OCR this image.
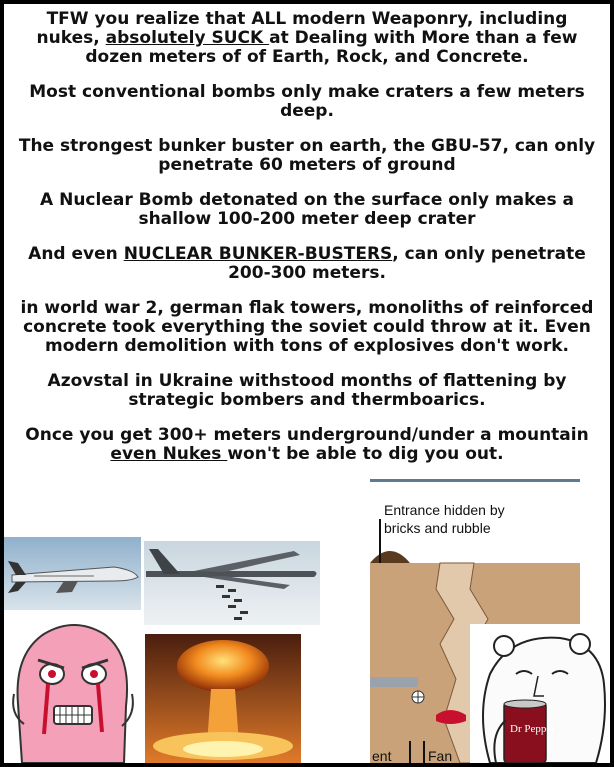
TFW you realize that ALL modern Weaponry, including nukes, absolutely SUCK at Dealing with More than a few dozen meters of of Earth, Rock, and Concrete.
Most conventional bombs only make craters a few meters deep.
The strongest bunker buster on earth, the GBU-57, can only penetrate 60 meters of ground
A Nuclear Bomb detonated on the surface only makes a shallow 100-200 meter deep crater
And even NUCLEAR BUNKER-BUSTERS, can only penetrate 200-300 meters.
in world war 2, german flak towers, monoliths of reinforced concrete took everything the soviet could throw at it. Even modern demolition with tons of explosives don't work.
Azovstal in Ukraine withstood months of flattening by strategic bombers and thermboarics.
Once you get 300+ meters underground/under a mountain even Nukes won't be able to dig you out.
Entrance hidden by
bricks and rubble
ent	Fan
Dr Pepper
